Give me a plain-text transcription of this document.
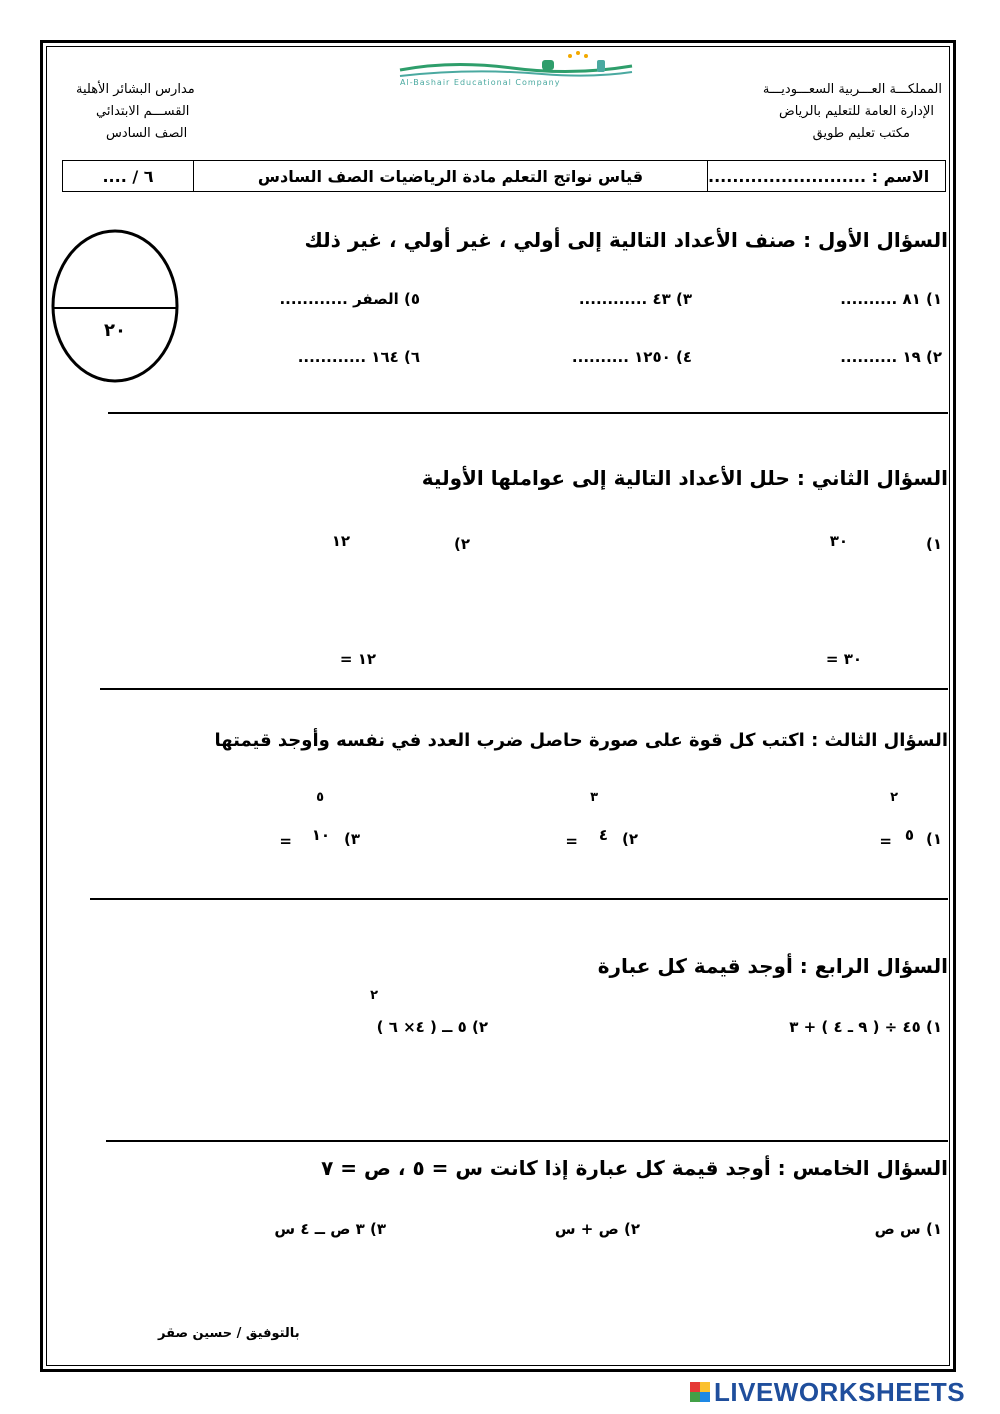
المملكـــة العـــربية السعـــوديـــة
الإدارة العامة للتعليم بالرياض
مكتب تعليم طويق
مدارس البشائر الأهلية
القســـم الابتدائي
الصف السادس
Al-Bashair Educational Company
الاسم : ..........................
قياس نواتج التعلم مادة الرياضيات الصف السادس
٦ / ....
٢٠
السؤال الأول : صنف الأعداد التالية إلى أولي ، غير أولي ، غير ذلك
١) ٨١ ..........
٣) ٤٣ ............
٥) الصفر ............
٢) ١٩ ..........
٤) ١٢٥٠ ..........
٦) ١٦٤ ............
السؤال الثاني : حلل الأعداد التالية إلى عواملها الأولية
١)
٣٠
٢)
١٢
٣٠ =
١٢ =
السؤال الثالث : اكتب كل قوة على صورة حاصل ضرب العدد في نفسه وأوجد قيمتها
٢
١)
٥
=
٣
٢)
٤
=
٥
٣)
١٠
=
السؤال الرابع : أوجد قيمة كل عبارة
١) ٤٥ ÷ ( ٩ ـ ٤ ) + ٣
٢
٢) ٥ ــ ( ٤× ٦ )
السؤال الخامس : أوجد قيمة كل عبارة إذا كانت س = ٥ ، ص = ٧
١) س ص
٢) ص + س
٣) ٣ ص ــ ٤ س
بالتوفيق / حسين صقر
LIVEWORKSHEETS
